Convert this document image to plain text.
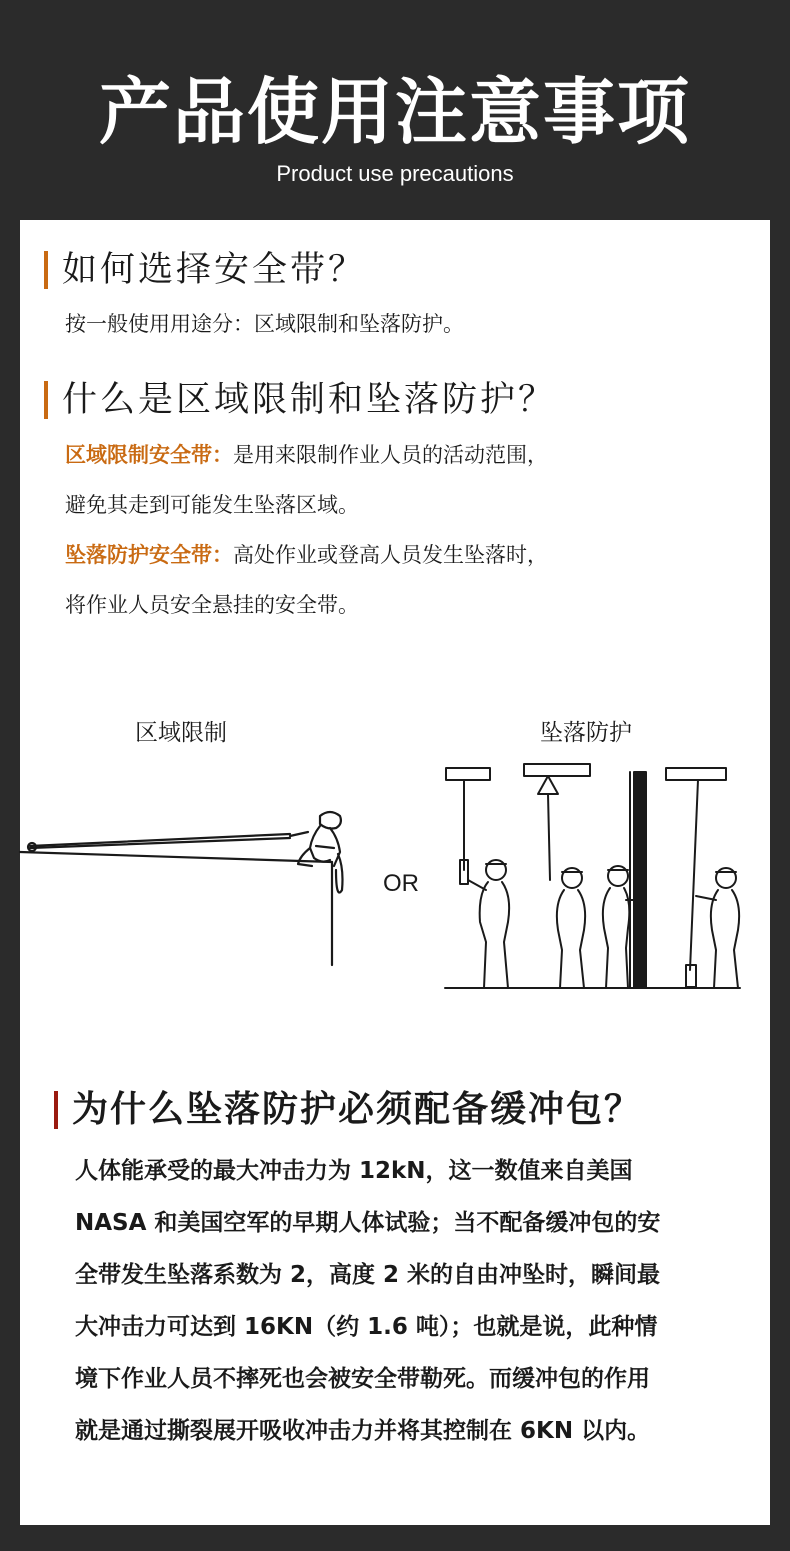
产品使用注意事项
Product use precautions
如何选择安全带？
按一般使用用途分：区域限制和坠落防护。
什么是区域限制和坠落防护？
区域限制安全带：是用来限制作业人员的活动范围，
避免其走到可能发生坠落区域。
坠落防护安全带：高处作业或登高人员发生坠落时，
将作业人员安全悬挂的安全带。
区域限制	坠落防护
OR
为什么坠落防护必须配备缓冲包？
人体能承受的最大冲击力为 12kN，这一数值来自美国
NASA 和美国空军的早期人体试验；当不配备缓冲包的安
全带发生坠落系数为 2，高度 2 米的自由冲坠时，瞬间最
大冲击力可达到 16KN（约 1.6 吨）；也就是说，此种情
境下作业人员不摔死也会被安全带勒死。而缓冲包的作用
就是通过撕裂展开吸收冲击力并将其控制在 6KN 以内。
